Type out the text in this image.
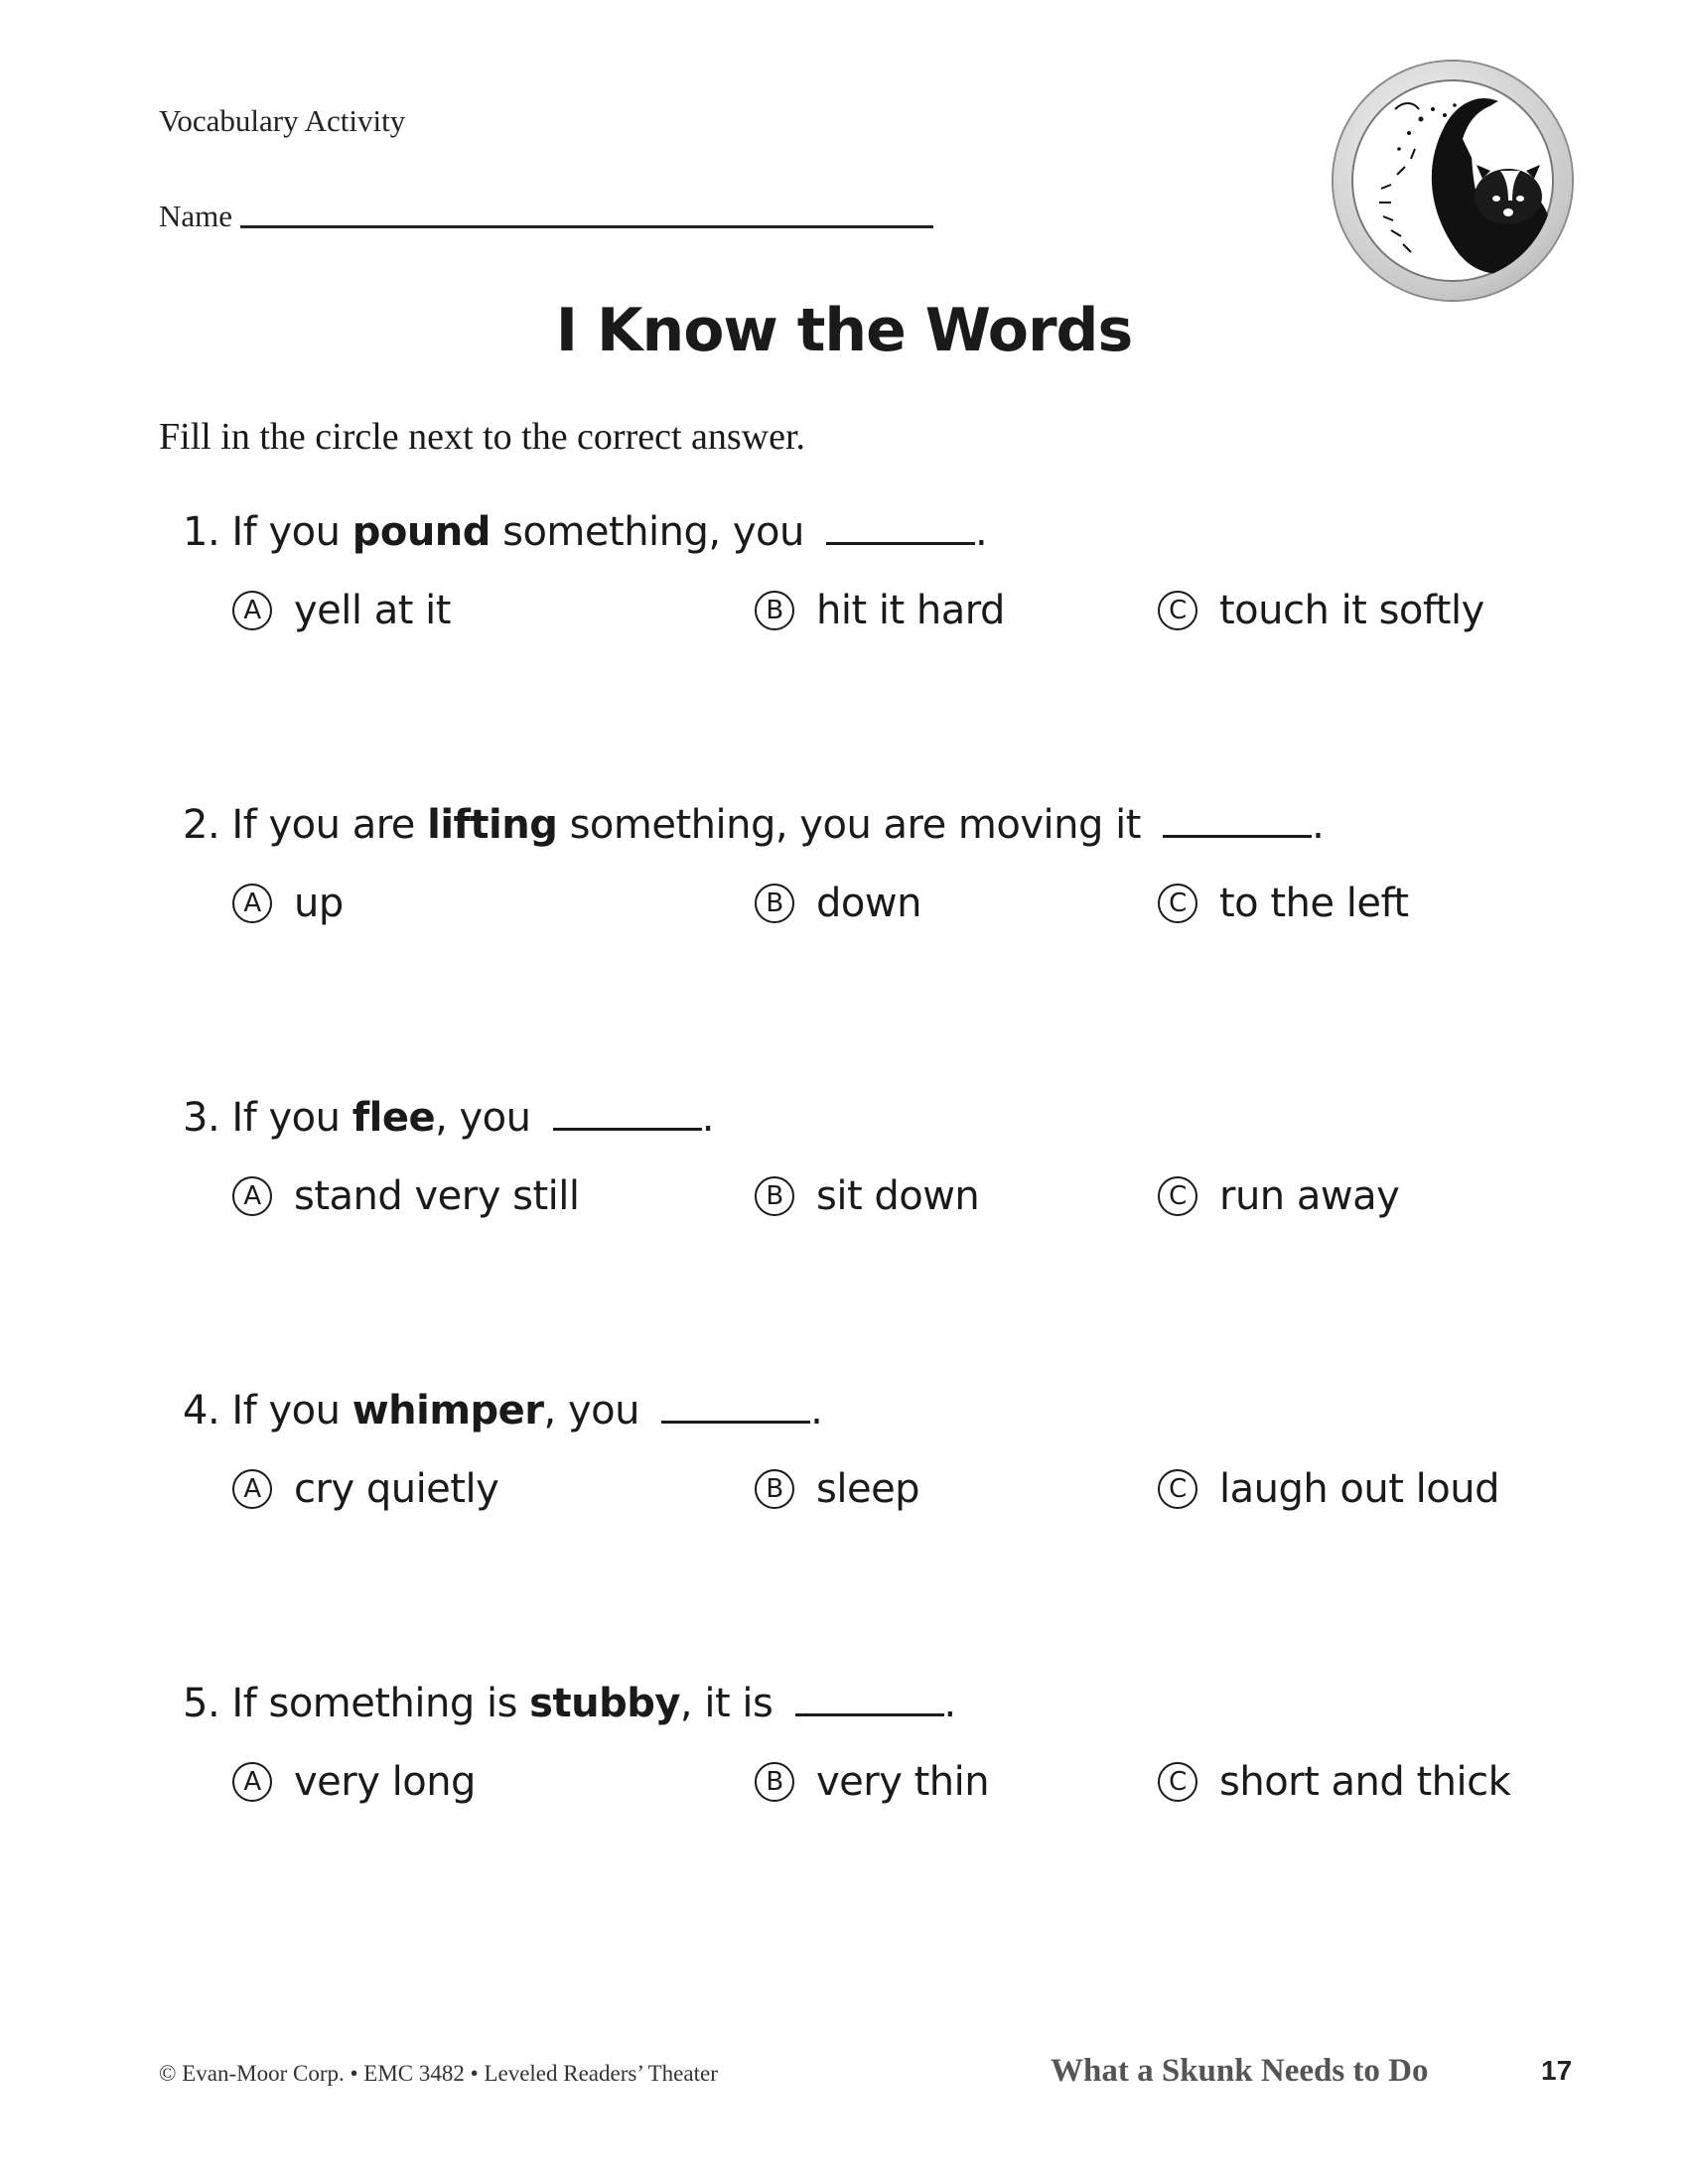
Vocabulary Activity
Name
I Know the Words
Fill in the circle next to the correct answer.
1. If you pound something, you	.
A yell at it	B hit it hard	C touch it softly
2. If you are lifting something, you are moving it	.
A up	B down	C to the left
3. If you flee, you	.
A stand very still	B sit down	C run away
4. If you whimper, you	.
A cry quietly	B sleep	C laugh out loud
5. If something is stubby, it is	.
A very long	B very thin	C short and thick
© Evan-Moor Corp. • EMC 3482 • Leveled Readers’ Theater	What a Skunk Needs to Do	17
